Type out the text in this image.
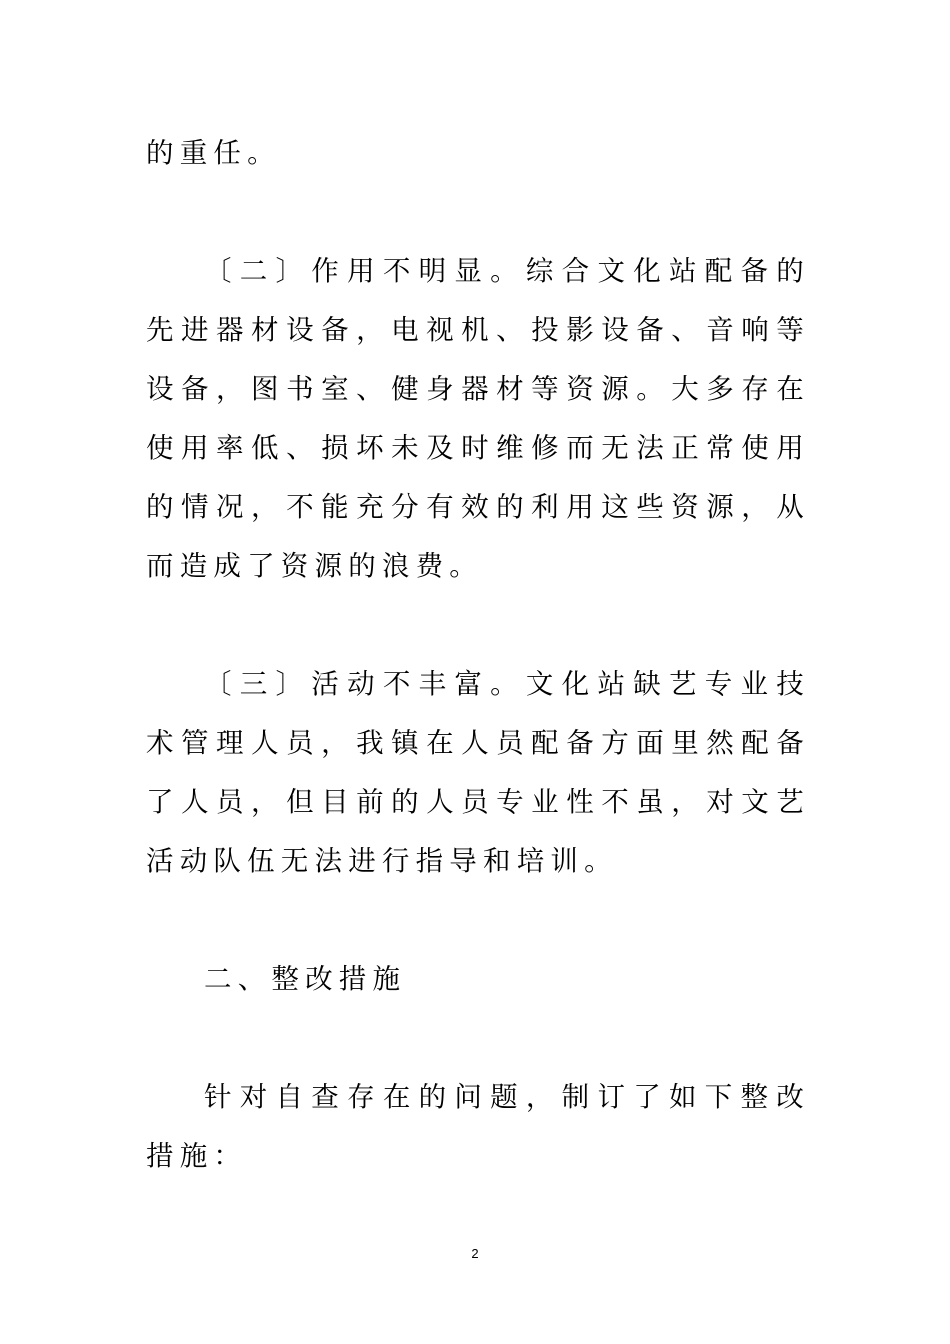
的重任。

〔二〕作用不明显。综合文化站配备的先进器材设备，电视机、投影设备、音响等设备，图书室、健身器材等资源。大多存在使用率低、损坏未及时维修而无法正常使用的情况，不能充分有效的利用这些资源，从而造成了资源的浪费。

〔三〕活动不丰富。文化站缺艺专业技术管理人员，我镇在人员配备方面里然配备了人员，但目前的人员专业性不虽，对文艺活动队伍无法进行指导和培训。

二、整改措施

针对自查存在的问题，制订了如下整改措施：

2
